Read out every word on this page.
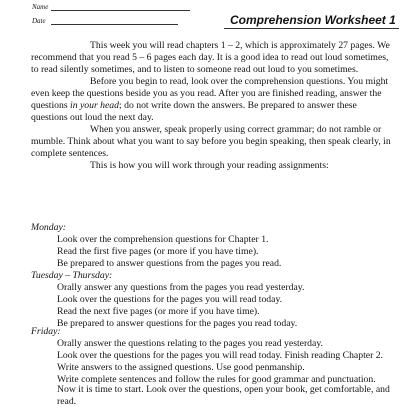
Name
Date	Comprehension Worksheet 1

This week you will read chapters 1 – 2, which is approximately 27 pages. We recommend that you read 5 – 6 pages each day. It is a good idea to read out loud sometimes, to read silently sometimes, and to listen to someone read out loud to you sometimes.

Before you begin to read, look over the comprehension questions. You might even keep the questions beside you as you read. After you are finished reading, answer the questions in your head; do not write down the answers. Be prepared to answer these questions out loud the next day.

When you answer, speak properly using correct grammar; do not ramble or mumble. Think about what you want to say before you begin speaking, then speak clearly, in complete sentences.

This is how you will work through your reading assignments:

Monday:

Look over the comprehension questions for Chapter 1.

Read the first five pages (or more if you have time).

Be prepared to answer questions from the pages you read.

Tuesday – Thursday:

Orally answer any questions from the pages you read yesterday.

Look over the questions for the pages you will read today.

Read the next five pages (or more if you have time).

Be prepared to answer questions for the pages you read today.

Friday:

Orally answer the questions relating to the pages you read yesterday.

Look over the questions for the pages you will read today. Finish reading Chapter 2.

Write answers to the assigned questions. Use good penmanship.

Write complete sentences and follow the rules for good grammar and punctuation.

Now it is time to start. Look over the questions, open your book, get comfortable, and read.
